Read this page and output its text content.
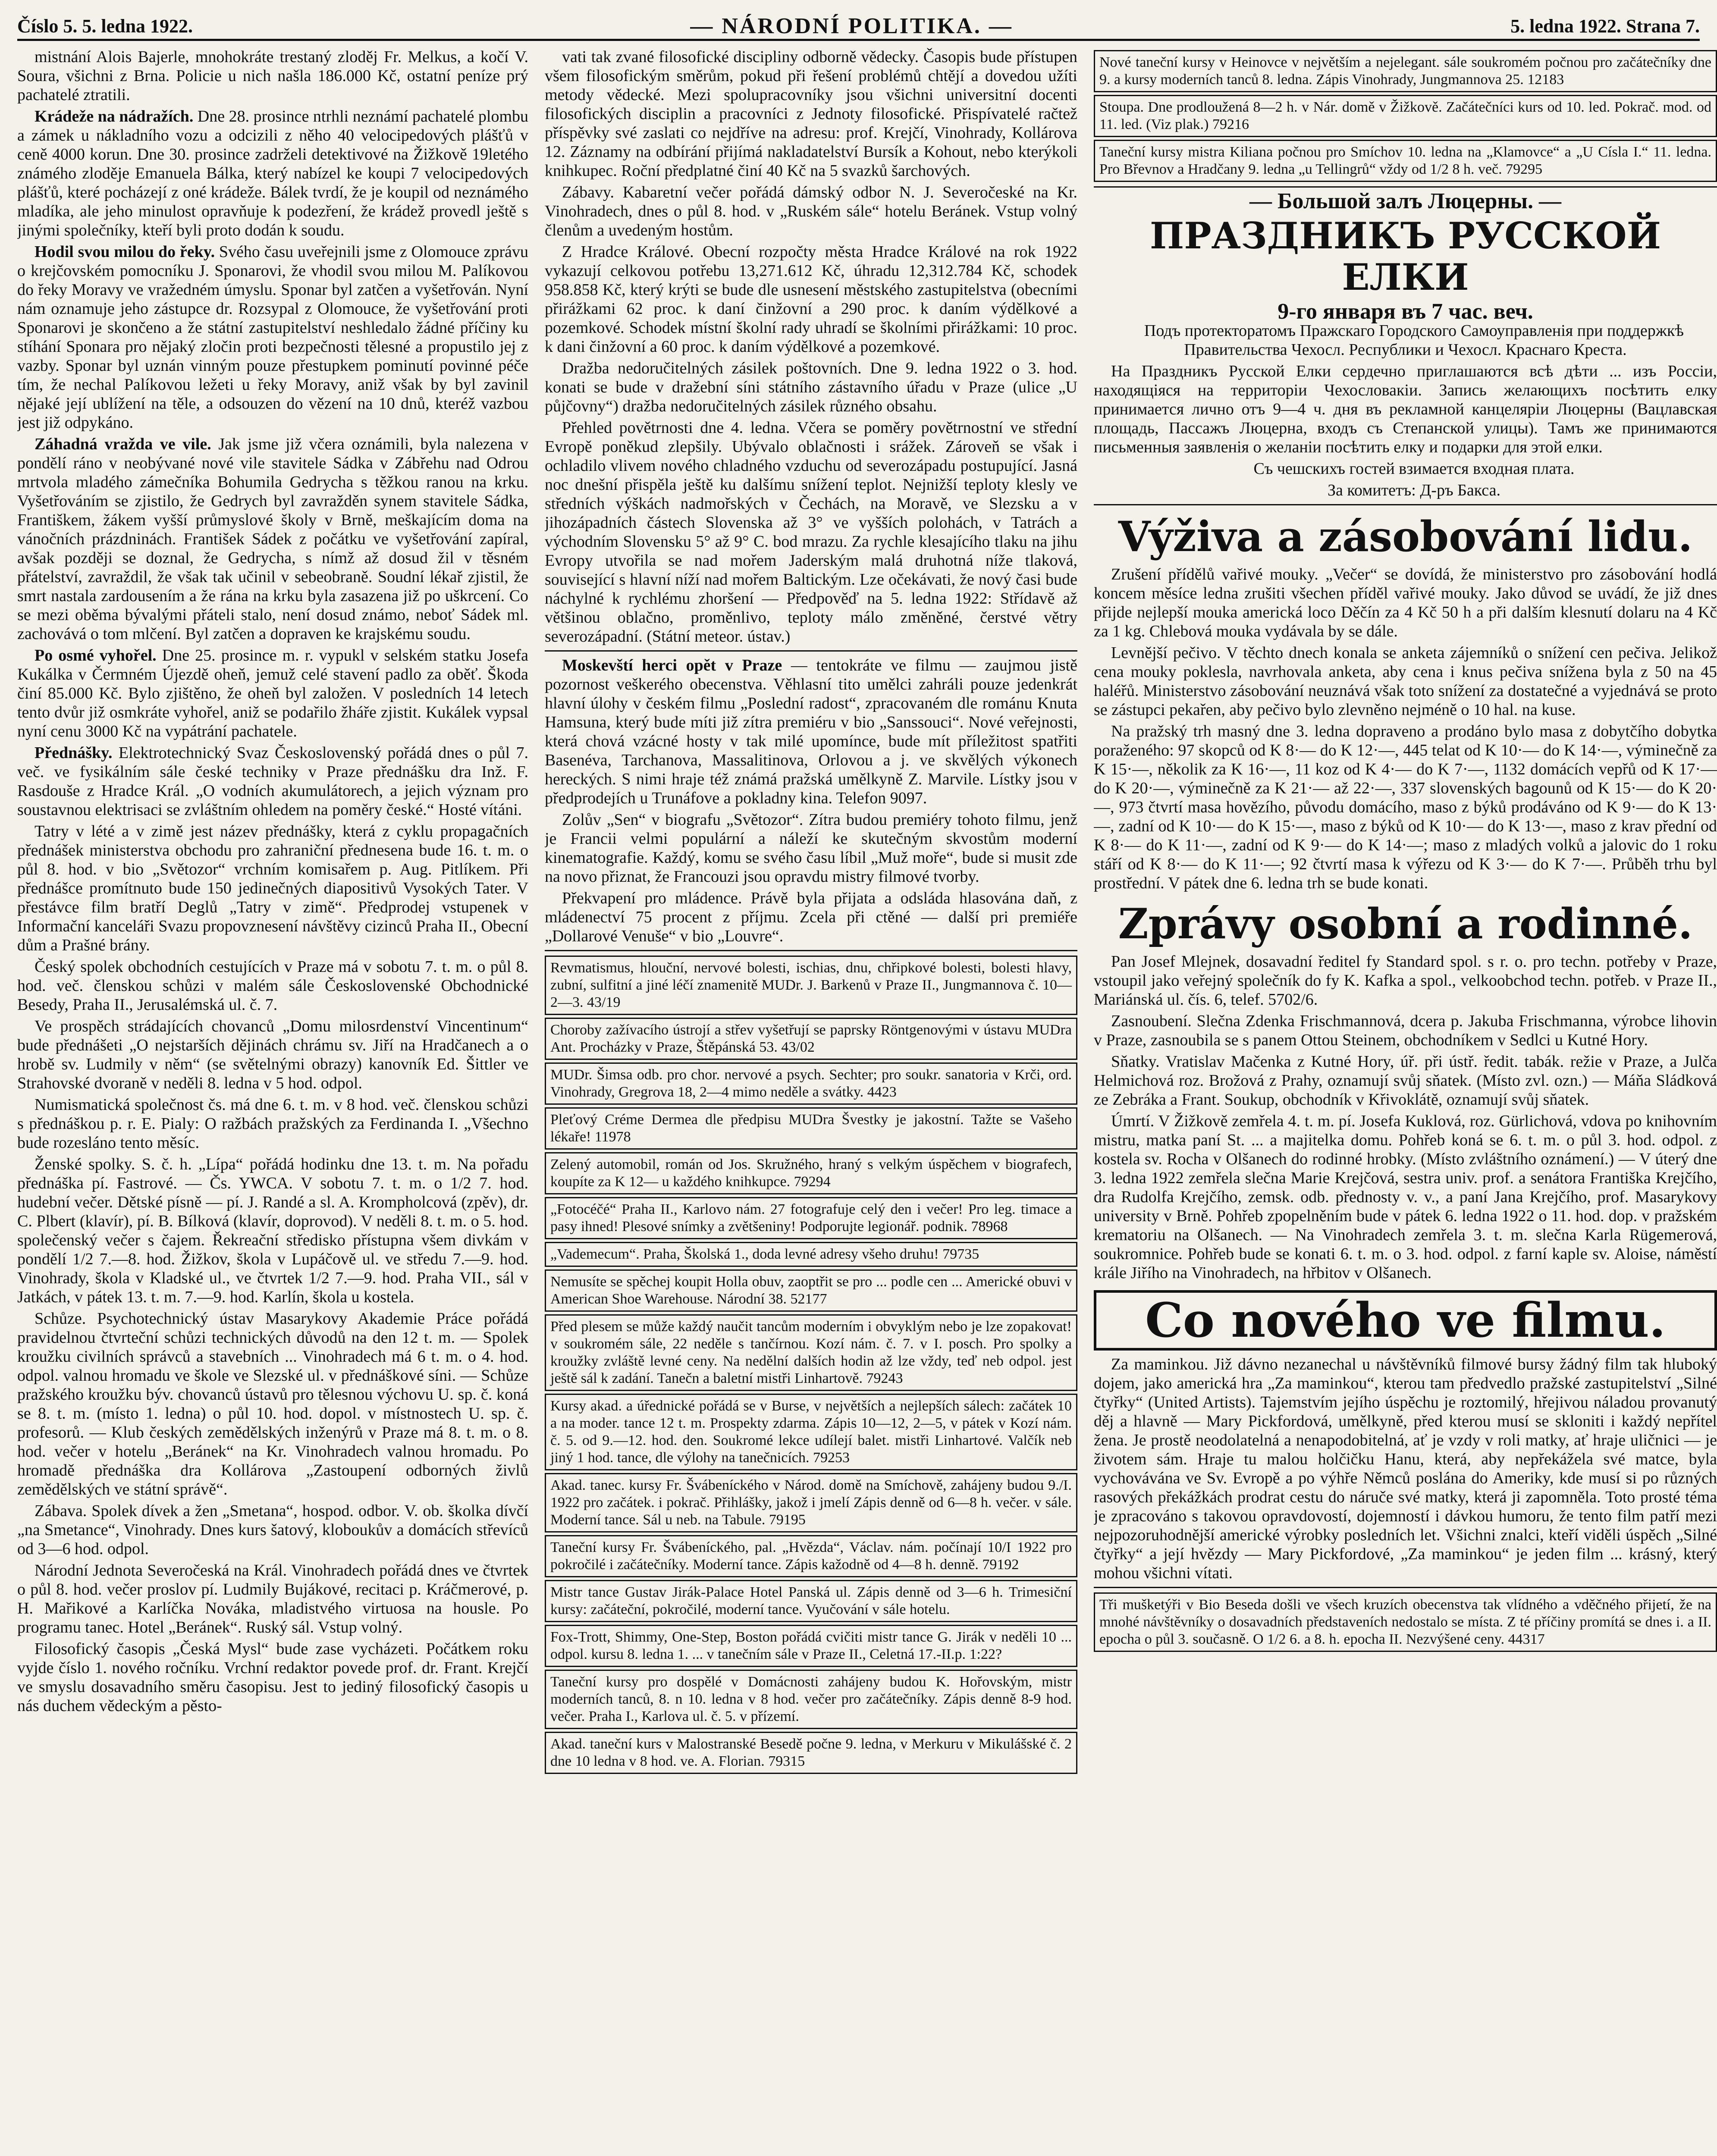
Číslo 5. 5. ledna 1922.	— NÁRODNÍ POLITIKA. —	5. ledna 1922. Strana 7.

mistnání Alois Bajerle, mnohokráte trestaný zloděj Fr. Melkus, a kočí V. Soura, všichni z Brna. Policie u nich našla 186.000 Kč, ostatní peníze prý pachatelé ztratili.

Krádeže na nádražích. Dne 28. prosince ntrhli neznámí pachatelé plombu a zámek u nákladního vozu a odcizili z něho 40 velocipedových plášťů v ceně 4000 korun. Dne 30. prosince zadrželi detektivové na Žižkově 19letého známého zloděje Emanuela Bálka, který nabízel ke koupi 7 velocipedových plášťů, které pocházejí z oné krádeže. Bálek tvrdí, že je koupil od neznámého mladíka, ale jeho minulost opravňuje k podezření, že krádež provedl ještě s jinými společníky, kteří byli proto dodán k soudu.

Hodil svou milou do řeky. Svého času uveřejnili jsme z Olomouce zprávu o krejčovském pomocníku J. Sponarovi, že vhodil svou milou M. Palíkovou do řeky Moravy ve vražedném úmyslu. Sponar byl zatčen a vyšetřován. Nyní nám oznamuje jeho zástupce dr. Rozsypal z Olomouce, že vyšetřování proti Sponarovi je skončeno a že státní zastupitelství neshledalo žádné příčiny ku stíhání Sponara pro nějaký zločin proti bezpečnosti tělesné a propustilo jej z vazby. Sponar byl uznán vinným pouze přestupkem pominutí povinné péče tím, že nechal Palíkovou ležeti u řeky Moravy, aniž však by byl zavinil nějaké její ublížení na těle, a odsouzen do vězení na 10 dnů, kteréž vazbou jest již odpykáno.

Záhadná vražda ve vile. Jak jsme již včera oznámili, byla nalezena v pondělí ráno v neobývané nové vile stavitele Sádka v Zábřehu nad Odrou mrtvola mladého zámečníka Bohumila Gedrycha s těžkou ranou na krku. Vyšetřováním se zjistilo, že Gedrych byl zavražděn synem stavitele Sádka, Františkem, žákem vyšší průmyslové školy v Brně, meškajícím doma na vánočních prázdninách. František Sádek z počátku ve vyšetřování zapíral, avšak později se doznal, že Gedrycha, s nímž až dosud žil v těsném přátelství, zavraždil, že však tak učinil v sebeobraně. Soudní lékař zjistil, že smrt nastala zardousením a že rána na krku byla zasazena již po uškrcení. Co se mezi oběma bývalými přáteli stalo, není dosud známo, neboť Sádek ml. zachovává o tom mlčení. Byl zatčen a dopraven ke krajskému soudu.

Po osmé vyhořel. Dne 25. prosince m. r. vypukl v selském statku Josefa Kukálka v Čermném Újezdě oheň, jemuž celé stavení padlo za oběť. Škoda činí 85.000 Kč. Bylo zjištěno, že oheň byl založen. V posledních 14 letech tento dvůr již osmkráte vyhořel, aniž se podařilo žháře zjistit. Kukálek vypsal nyní cenu 3000 Kč na vypátrání pachatele.

Přednášky. Elektrotechnický Svaz Československý pořádá dnes o půl 7. več. ve fysikálním sále české techniky v Praze přednášku dra Inž. F. Rasdouše z Hradce Král. „O vodních akumulátorech, a jejich význam pro soustavnou elektrisaci se zvláštním ohledem na poměry české.“ Hosté vítáni.

Tatry v lété a v zimě jest název přednášky, která z cyklu propagačních přednášek ministerstva obchodu pro zahraniční přednesena bude 16. t. m. o půl 8. hod. v bio „Světozor“ vrchním komisařem p. Aug. Pitlíkem. Při přednášce promítnuto bude 150 jedinečných diapositivů Vysokých Tater. V přestávce film bratří Deglů „Tatry v zimě“. Předprodej vstupenek v Informační kanceláři Svazu propovznesení návštěvy cizinců Praha II., Obecní dům a Prašné brány.

Český spolek obchodních cestujících v Praze má v sobotu 7. t. m. o půl 8. hod. več. členskou schůzi v malém sále Československé Obchodnické Besedy, Praha II., Jerusalémská ul. č. 7.

Ve prospěch strádajících chovanců „Domu milosrdenství Vincentinum“ bude přednášeti „O nejstarších dějinách chrámu sv. Jiří na Hradčanech a o hrobě sv. Ludmily v něm“ (se světelnými obrazy) kanovník Ed. Šittler ve Strahovské dvoraně v neděli 8. ledna v 5 hod. odpol.

Numismatická společnost čs. má dne 6. t. m. v 8 hod. več. členskou schůzi s přednáškou p. r. E. Pialy: O ražbách pražských za Ferdinanda I. „Všechno bude rozesláno tento měsíc.

Ženské spolky. S. č. h. „Lípa“ pořádá hodinku dne 13. t. m. Na pořadu přednáška pí. Fastrové. — Čs. YWCA. V sobotu 7. t. m. o 1/2 7. hod. hudební večer. Dětské písně — pí. J. Randé a sl. A. Krompholcová (zpěv), dr. C. Plbert (klavír), pí. B. Bílková (klavír, doprovod). V neděli 8. t. m. o 5. hod. společenský večer s čajem. Řekreační středisko přístupna všem divkám v pondělí 1/2 7.—8. hod. Žižkov, škola v Lupáčově ul. ve středu 7.—9. hod. Vinohrady, škola v Kladské ul., ve čtvrtek 1/2 7.—9. hod. Praha VII., sál v Jatkách, v pátek 13. t. m. 7.—9. hod. Karlín, škola u kostela.

Schůze. Psychotechnický ústav Masarykovy Akademie Práce pořádá pravidelnou čtvrteční schůzi technických důvodů na den 12 t. m. — Spolek kroužku civilních správců a stavebních ... Vinohradech má 6 t. m. o 4. hod. odpol. valnou hromadu ve škole ve Slezské ul. v přednáškové síni. — Schůze pražského kroužku býv. chovanců ústavů pro tělesnou výchovu U. sp. č. koná se 8. t. m. (místo 1. ledna) o půl 10. hod. dopol. v místnostech U. sp. č. profesorů. — Klub českých zemědělských inženýrů v Praze má 8. t. m. o 8. hod. večer v hotelu „Beránek“ na Kr. Vinohradech valnou hromadu. Po hromadě přednáška dra Kollárova „Zastoupení odborných živlů zemědělských ve státní správě“.

Zábava. Spolek dívek a žen „Smetana“, hospod. odbor. V. ob. školka dívčí „na Smetance“, Vinohrady. Dnes kurs šatový, kloboukův a domácích střevíců od 3—6 hod. odpol.

Národní Jednota Severočeská na Král. Vinohradech pořádá dnes ve čtvrtek o půl 8. hod. večer proslov pí. Ludmily Bujákové, recitaci p. Kráčmerové, p. H. Mařikové a Karlíčka Nováka, mladistvého virtuosa na housle. Po programu tanec. Hotel „Beránek“. Ruský sál. Vstup volný.

Filosofický časopis „Česká Mysl“ bude zase vycházeti. Počátkem roku vyjde číslo 1. nového ročníku. Vrchní redaktor povede prof. dr. Frant. Krejčí ve smyslu dosavadního směru časopisu. Jest to jediný filosofický časopis u nás duchem vědeckým a pěsto-

vati tak zvané filosofické discipliny odborně vědecky. Časopis bude přístupen všem filosofickým směrům, pokud při řešení problémů chtějí a dovedou užíti metody vědecké. Mezi spolupracovníky jsou všichni universitní docenti filosofických disciplin a pracovníci z Jednoty filosofické. Přispívatelé račtež příspěvky své zaslati co nejdříve na adresu: prof. Krejčí, Vinohrady, Kollárova 12. Záznamy na odbírání přijímá nakladatelství Bursík a Kohout, nebo kterýkoli knihkupec. Roční předplatné činí 40 Kč na 5 svazků šarchových.

Zábavy. Kabaretní večer pořádá dámský odbor N. J. Severočeské na Kr. Vinohradech, dnes o půl 8. hod. v „Ruském sále“ hotelu Beránek. Vstup volný členům a uvedeným hostům.

Z Hradce Králové. Obecní rozpočty města Hradce Králové na rok 1922 vykazují celkovou potřebu 13,271.612 Kč, úhradu 12,312.784 Kč, schodek 958.858 Kč, který krýti se bude dle usnesení městského zastupitelstva (obecními přirážkami 62 proc. k daní činžovní a 290 proc. k daním výdělkové a pozemkové. Schodek místní školní rady uhradí se školními přirážkami: 10 proc. k dani činžovní a 60 proc. k daním výdělkové a pozemkové.

Dražba nedoručitelných zásilek poštovních. Dne 9. ledna 1922 o 3. hod. konati se bude v dražební síni státního zástavního úřadu v Praze (ulice „U půjčovny“) dražba nedoručitelných zásilek různého obsahu.

Přehled povětrnosti dne 4. ledna. Včera se poměry povětrnostní ve střední Evropě poněkud zlepšily. Ubývalo oblačnosti i srážek. Zároveň se však i ochladilo vlivem nového chladného vzduchu od severozápadu postupující. Jasná noc dnešní přispěla ještě ku dalšímu snížení teplot. Nejnižší teploty klesly ve středních výškách nadmořských v Čechách, na Moravě, ve Slezsku a v jihozápadních částech Slovenska až 3° ve vyšších polohách, v Tatrách a východním Slovensku 5° až 9° C. bod mrazu. Za rychle klesajícího tlaku na jihu Evropy utvořila se nad mořem Jaderským malá druhotná níže tlaková, související s hlavní níží nad mořem Baltickým. Lze očekávati, že nový časi bude náchylné k rychlému zhoršení — Předpověď na 5. ledna 1922: Střídavě až většinou oblačno, proměnlivo, teploty málo změněné, čerstvé větry severozápadní. (Státní meteor. ústav.)

Moskevští herci opět v Praze — tentokráte ve filmu — zaujmou jistě pozornost veškerého obecenstva. Věhlasní tito umělci zahráli pouze jedenkrát hlavní úlohy v českém filmu „Poslední radost“, zpracovaném dle románu Knuta Hamsuna, který bude míti již zítra premiéru v bio „Sanssouci“. Nové veřejnosti, která chová vzácné hosty v tak milé upomínce, bude mít příležitost spatřiti Basenéva, Tarchanova, Massalitinova, Orlovou a j. ve skvělých výkonech hereckých. S nimi hraje též známá pražská umělkyně Z. Marvile. Lístky jsou v předprodejích u Trunáfove a pokladny kina. Telefon 9097.

Zolův „Sen“ v biografu „Světozor“. Zítra budou premiéry tohoto filmu, jenž je Francii velmi populární a náleží ke skutečným skvostům moderní kinematografie. Každý, komu se svého času líbil „Muž moře“, bude si musit zde na novo přiznat, že Francouzi jsou opravdu mistry filmové tvorby.

Překvapení pro mládence. Právě byla přijata a odsláda hlasována daň, z mládenectví 75 procent z příjmu. Zcela při ctěné — další pri premiéře „Dollarové Venuše“ v bio „Louvre“.

Revmatismus, hlouční, nervové bolesti, ischias, dnu, chřipkové bolesti, bolesti hlavy, zubní, sulfitní a jiné léčí znamenitě MUDr. J. Barkenů v Praze II., Jungmannova č. 10—2—3. 43/19
Choroby zažívacího ústrojí a střev vyšetřují se paprsky Röntgenovými v ústavu MUDra Ant. Procházky v Praze, Štěpánská 53. 43/02
MUDr. Šimsa odb. pro chor. nervové a psych. Sechter; pro soukr. sanatoria v Krči, ord. Vinohrady, Gregrova 18, 2—4 mimo neděle a svátky. 4423
Pleťový Créme Dermea dle předpisu MUDra Švestky je jakostní. Tažte se Vašeho lékaře! 11978
Zelený automobil, román od Jos. Skružného, hraný s velkým úspěchem v biografech, koupíte za K 12— u každého knihkupce. 79294
„Fotocéčé“ Praha II., Karlovo nám. 27 fotografuje celý den i večer! Pro leg. timace a pasy ihned! Plesové snímky a zvětšeniny! Podporujte legionář. podnik. 78968
„Vademecum“. Praha, Školská 1., doda levné adresy všeho druhu! 79735
Nemusíte se spěchej koupit Holla obuv, zaoptřit se pro ... podle cen ... Americké obuvi v American Shoe Warehouse. Národní 38. 52177
Před plesem se může každý naučit tancům moderním i obvyklým nebo je lze zopakovat! v soukromém sále, 22 neděle s tančírnou. Kozí nám. č. 7. v I. posch. Pro spolky a kroužky zvláště levné ceny. Na nedělní dalších hodin až lze vždy, teď neb odpol. jest ještě sál k zadání. Tanečn a baletní mistři Linhartově. 79243
Kursy akad. a úřednické pořádá se v Burse, v největších a nejlepších sálech: začátek 10 a na moder. tance 12 t. m. Prospekty zdarma. Zápis 10—12, 2—5, v pátek v Kozí nám. č. 5. od 9.—12. hod. den. Soukromé lekce udílejí balet. mistři Linhartové. Valčík neb jiný 1 hod. tance, dle výlohy na tanečnicích. 79253
Akad. tanec. kursy Fr. Švábeníckého v Národ. domě na Smíchově, zahájeny budou 9./I. 1922 pro začátek. i pokrač. Přihlášky, jakož i jmelí Zápis denně od 6—8 h. večer. v sále. Moderní tance. Sál u neb. na Tabule. 79195
Taneční kursy Fr. Švábeníckého, pal. „Hvězda“, Václav. nám. počínají 10/I 1922 pro pokročilé i začátečníky. Moderní tance. Zápis kažodně od 4—8 h. denně. 79192
Mistr tance Gustav Jirák-Palace Hotel Panská ul. Zápis denně od 3—6 h. Trimesiční kursy: začáteční, pokročilé, moderní tance. Vyučování v sále hotelu.
Fox-Trott, Shimmy, One-Step, Boston pořádá cvičiti mistr tance G. Jirák v neděli 10 ... odpol. kursu 8. ledna 1. ... v tanečním sále v Praze II., Celetná 17.-II.p. 1:22?
Taneční kursy pro dospělé v Domácnosti zahájeny budou K. Hořovským, mistr moderních tanců, 8. n 10. ledna v 8 hod. večer pro začátečníky. Zápis denně 8-9 hod. večer. Praha I., Karlova ul. č. 5. v přízemí.
Akad. taneční kurs v Malostranské Besedě počne 9. ledna, v Merkuru v Mikulášské č. 2 dne 10 ledna v 8 hod. ve. A. Florian. 79315
Nové taneční kursy v Heinovce v největším a nejelegant. sále soukromém počnou pro začátečníky dne 9. a kursy moderních tanců 8. ledna. Zápis Vinohrady, Jungmannova 25. 12183
Stoupa. Dne prodloužená 8—2 h. v Nár. domě v Žižkově. Začátečníci kurs od 10. led. Pokrač. mod. od 11. led. (Viz plak.) 79216
Taneční kursy mistra Kiliana počnou pro Smíchov 10. ledna na „Klamovce“ a „U Císla I.“ 11. ledna. Pro Břevnov a Hradčany 9. ledna „u Tellingrů“ vždy od 1/2 8 h. več. 79295
— Большой залъ Люцерны. —
ПРАЗДНИКЪ РУССКОЙ ЕЛКИ
9-го января въ 7 час. веч.

Подъ протекторатомъ Пражскаго Городского Самоуправленія при поддержкѣ Правительства Чехосл. Республики и Чехосл. Краснаго Креста.

На Праздникъ Русской Елки сердечно приглашаются всѣ дѣти ... изъ Россіи, находящіяся на территоріи Чехословакіи. Запись желающихъ посѣтить елку принимается лично отъ 9—4 ч. дня въ рекламной канцеляріи Люцерны (Вацлавская площадь, Пассажъ Люцерна, входъ съ Степанской улицы). Тамъ же принимаются письменныя заявленія о желаніи посѣтить елку и подарки для этой елки.

Съ чешскихъ гостей взимается входная плата.

За комитетъ: Д-ръ Бакса.

Výživa a zásobování lidu.

Zrušení přídělů vařivé mouky. „Večer“ se dovídá, že ministerstvo pro zásobování hodlá koncem měsíce ledna zrušiti všechen příděl vařivé mouky. Jako důvod se uvádí, že již dnes přijde nejlepší mouka americká loco Děčín za 4 Kč 50 h a při dalším klesnutí dolaru na 4 Kč za 1 kg. Chlebová mouka vydávala by se dále.

Levnější pečivo. V těchto dnech konala se anketa zájemníků o snížení cen pečiva. Jelikož cena mouky poklesla, navrhovala anketa, aby cena i knus pečiva snížena byla z 50 na 45 haléřů. Ministerstvo zásobování neuznává však toto snížení za dostatečné a vyjednává se proto se zástupci pekařen, aby pečivo bylo zlevněno nejméně o 10 hal. na kuse.

Na pražský trh masný dne 3. ledna dopraveno a prodáno bylo masa z dobytčího dobytka poraženého: 97 skopců od K 8·— do K 12·—, 445 telat od K 10·— do K 14·—, výminečně za K 15·—, několik za K 16·—, 11 koz od K 4·— do K 7·—, 1132 domácích vepřů od K 17·— do K 20·—, výminečně za K 21·— až 22·—, 337 slovenských bagounů od K 15·— do K 20·—, 973 čtvrtí masa hovězího, původu domácího, maso z býků prodáváno od K 9·— do K 13·—, zadní od K 10·— do K 15·—, maso z býků od K 10·— do K 13·—, maso z krav přední od K 8·— do K 11·—, zadní od K 9·— do K 14·—; maso z mladých volků a jalovic do 1 roku stáří od K 8·— do K 11·—; 92 čtvrtí masa k výřezu od K 3·— do K 7·—. Průběh trhu byl prostřední. V pátek dne 6. ledna trh se bude konati.

Zprávy osobní a rodinné.

Pan Josef Mlejnek, dosavadní ředitel fy Standard spol. s r. o. pro techn. potřeby v Praze, vstoupil jako veřejný společník do fy K. Kafka a spol., velkoobchod techn. potřeb. v Praze II., Mariánská ul. čís. 6, telef. 5702/6.

Zasnoubení. Slečna Zdenka Frischmannová, dcera p. Jakuba Frischmanna, výrobce lihovin v Praze, zasnoubila se s panem Ottou Steinem, obchodníkem v Sedlci u Kutné Hory.

Sňatky. Vratislav Mačenka z Kutné Hory, úř. při ústř. ředit. tabák. režie v Praze, a Julča Helmichová roz. Brožová z Prahy, oznamují svůj sňatek. (Místo zvl. ozn.) — Máňa Sládková ze Zebráka a Frant. Soukup, obchodník v Křivoklátě, oznamují svůj sňatek.

Úmrtí. V Žižkově zemřela 4. t. m. pí. Josefa Kuklová, roz. Gürlichová, vdova po knihovním mistru, matka paní St. ... a majitelka domu. Pohřeb koná se 6. t. m. o půl 3. hod. odpol. z kostela sv. Rocha v Olšanech do rodinné hrobky. (Místo zvláštního oznámení.) — V úterý dne 3. ledna 1922 zemřela slečna Marie Krejčová, sestra univ. prof. a senátora Františka Krejčího, dra Rudolfa Krejčího, zemsk. odb. přednosty v. v., a paní Jana Krejčího, prof. Masarykovy university v Brně. Pohřeb zpopelněním bude v pátek 6. ledna 1922 o 11. hod. dop. v pražském krematoriu na Olšanech. — Na Vinohradech zemřela 3. t. m. slečna Karla Rügemerová, soukromnice. Pohřeb bude se konati 6. t. m. o 3. hod. odpol. z farní kaple sv. Aloise, náměstí krále Jiřího na Vinohradech, na hřbitov v Olšanech.

Co nového ve filmu.

Za maminkou. Již dávno nezanechal u návštěvníků filmové bursy žádný film tak hluboký dojem, jako americká hra „Za maminkou“, kterou tam předvedlo pražské zastupitelství „Silné čtyřky“ (United Artists). Tajemstvím jejího úspěchu je roztomilý, hřejivou náladou provanutý děj a hlavně — Mary Pickfordová, umělkyně, před kterou musí se skloniti i každý nepřítel žena. Je prostě neodolatelná a nenapodobitelná, ať je vzdy v roli matky, ať hraje uličnici — je životem sám. Hraje tu malou holčičku Hanu, která, aby nepřekážela své matce, byla vychovávána ve Sv. Evropě a po výhře Němců poslána do Ameriky, kde musí si po různých rasových překážkách prodrat cestu do náruče své matky, která ji zapomněla. Toto prosté téma je zpracováno s takovou opravdovostí, dojemností i dávkou humoru, že tento film patří mezi nejpozoruhodnější americké výrobky posledních let. Všichni znalci, kteří viděli úspěch „Silné čtyřky“ a její hvězdy — Mary Pickfordové, „Za maminkou“ je jeden film ... krásný, který mohou všichni vítati.

Tři mušketýři v Bio Beseda došli ve všech kruzích obecenstva tak vlídného a vděčného přijetí, že na mnohé návštěvníky o dosavadních představeních nedostalo se místa. Z té příčiny promítá se dnes i. a II. epocha o půl 3. současně. O 1/2 6. a 8. h. epocha II. Nezvýšené ceny. 44317
